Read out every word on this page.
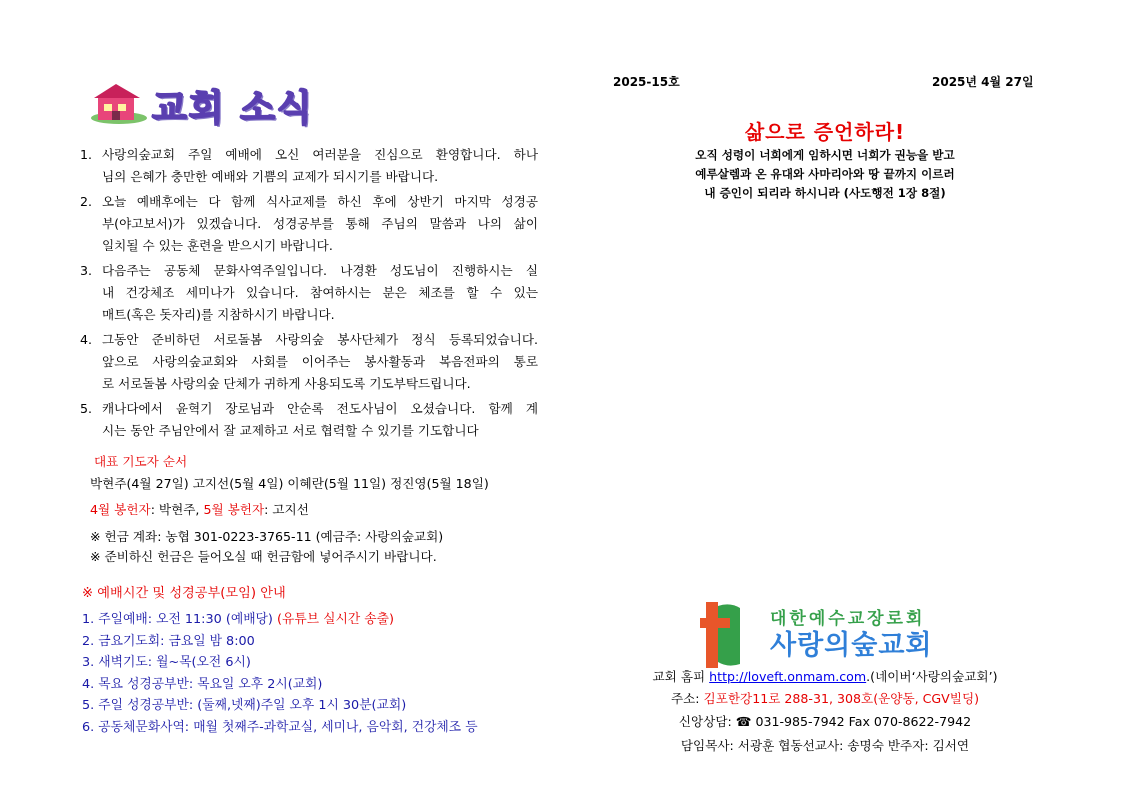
교회 소식
2025-15호	2025년 4월 27일
1. 사랑의숲교회 주일 예배에 오신 여러분을 진심으로 환영합니다. 하나
님의 은혜가 충만한 예배와 기쁨의 교제가 되시기를 바랍니다.
2. 오늘 예배후에는 다 함께 식사교제를 하신 후에 상반기 마지막 성경공
부(야고보서)가 있겠습니다. 성경공부를 통해 주님의 말씀과 나의 삶이
일치될 수 있는 훈련을 받으시기 바랍니다.
3. 다음주는 공동체 문화사역주일입니다. 나경환 성도님이 진행하시는 실
내 건강체조 세미나가 있습니다. 참여하시는 분은 체조를 할 수 있는
매트(혹은 돗자리)를 지참하시기 바랍니다.
4. 그동안 준비하던 서로돌봄 사랑의숲 봉사단체가 정식 등록되었습니다.
앞으로 사랑의숲교회와 사회를 이어주는 봉사활동과 복음전파의 통로
로 서로돌봄 사랑의숲 단체가 귀하게 사용되도록 기도부탁드립니다.
5. 캐나다에서 윤혁기 장로님과 안순록 전도사님이 오셨습니다. 함께 계
시는 동안 주님안에서 잘 교제하고 서로 협력할 수 있기를 기도합니다
대표 기도자 순서
박현주(4월 27일) 고지선(5월 4일) 이혜란(5월 11일) 정진영(5월 18일)
4월 봉헌자: 박현주, 5월 봉헌자: 고지선
※ 헌금 계좌: 농협 301-0223-3765-11 (예금주: 사랑의숲교회)
※ 준비하신 헌금은 들어오실 때 헌금함에 넣어주시기 바랍니다.
※ 예배시간 및 성경공부(모임) 안내
1. 주일예배: 오전 11:30 (예배당) (유튜브 실시간 송출)
2. 금요기도회: 금요일 밤 8:00
3. 새벽기도: 월~목(오전 6시)
4. 목요 성경공부반: 목요일 오후 2시(교회)
5. 주일 성경공부반: (둘째,넷째)주일 오후 1시 30분(교회)
6. 공동체문화사역: 매월 첫째주-과학교실, 세미나, 음악회, 건강체조 등
삶으로 증언하라!
오직 성령이 너희에게 임하시면 너희가 권능을 받고
예루살렘과 온 유대와 사마리아와 땅 끝까지 이르러
내 증인이 되리라 하시니라 (사도행전 1장 8절)
대한예수교장로회
사랑의숲교회
교회 홈피 http://loveft.onmam.com.(네이버‘사랑의숲교회’)
주소: 김포한강11로 288-31, 308호(운양동, CGV빌딩)
신앙상담: ☎ 031-985-7942 Fax 070-8622-7942
담임목사: 서광훈 협동선교사: 송명숙 반주자: 김서연
